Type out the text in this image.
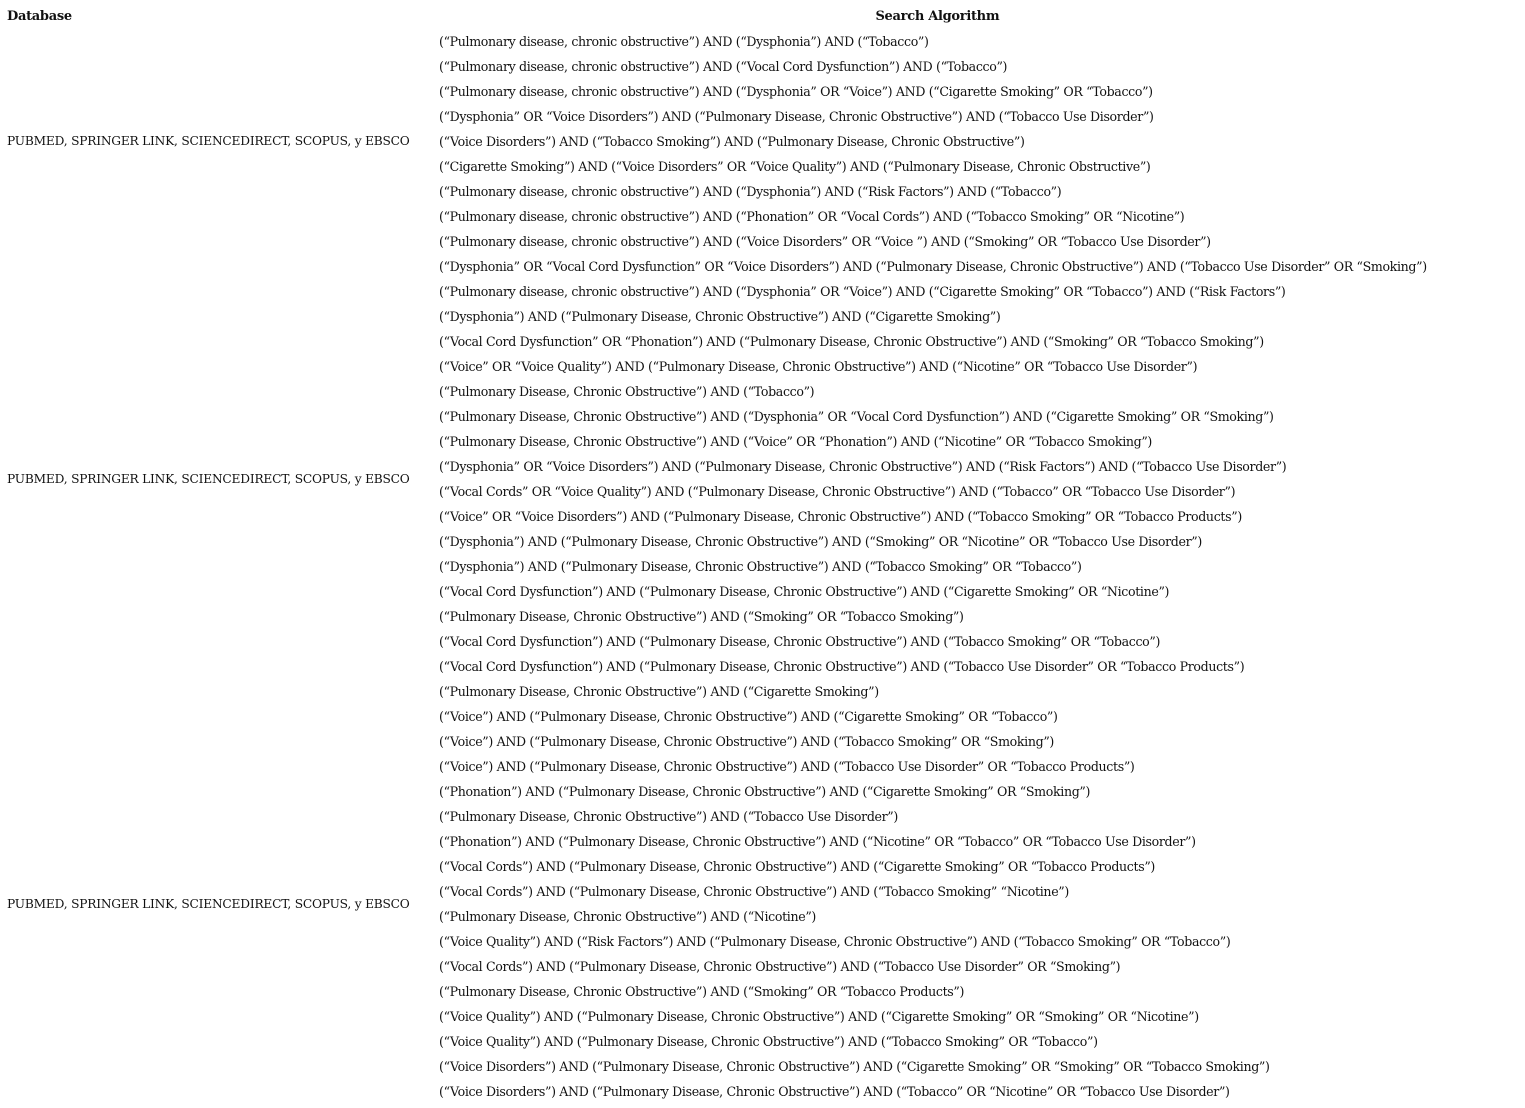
Database	Search Algorithm
PUBMED, SPRINGER LINK, SCIENCEDIRECT, SCOPUS, y EBSCO	(“Pulmonary disease, chronic obstructive”) AND (“Dysphonia”) AND (“Tobacco”)
	(“Pulmonary disease, chronic obstructive”) AND (“Vocal Cord Dysfunction”) AND (“Tobacco”)
	(“Pulmonary disease, chronic obstructive”) AND (“Dysphonia” OR “Voice”) AND (“Cigarette Smoking” OR “Tobacco”)
	(“Dysphonia” OR “Voice Disorders”) AND (“Pulmonary Disease, Chronic Obstructive”) AND (“Tobacco Use Disorder”)
	(“Voice Disorders”) AND (“Tobacco Smoking”) AND (“Pulmonary Disease, Chronic Obstructive”)
	(“Cigarette Smoking”) AND (“Voice Disorders” OR “Voice Quality”) AND (“Pulmonary Disease, Chronic Obstructive”)
	(“Pulmonary disease, chronic obstructive”) AND (“Dysphonia”) AND (“Risk Factors”) AND (“Tobacco”)
	(“Pulmonary disease, chronic obstructive”) AND (“Phonation” OR “Vocal Cords”) AND (“Tobacco Smoking” OR “Nicotine”)
	(“Pulmonary disease, chronic obstructive”) AND (“Voice Disorders” OR “Voice ”) AND (“Smoking” OR “Tobacco Use Disorder”)
PUBMED, SPRINGER LINK, SCIENCEDIRECT, SCOPUS, y EBSCO	(“Dysphonia” OR “Vocal Cord Dysfunction” OR “Voice Disorders”) AND (“Pulmonary Disease, Chronic Obstructive”) AND (“Tobacco Use Disorder” OR “Smoking”)
	(“Pulmonary disease, chronic obstructive”) AND (“Dysphonia” OR “Voice”) AND (“Cigarette Smoking” OR “Tobacco”) AND (“Risk Factors”)
	(“Dysphonia”) AND (“Pulmonary Disease, Chronic Obstructive”) AND (“Cigarette Smoking”)
	(“Vocal Cord Dysfunction” OR “Phonation”) AND (“Pulmonary Disease, Chronic Obstructive”) AND (“Smoking” OR “Tobacco Smoking”)
	(“Voice” OR “Voice Quality”) AND (“Pulmonary Disease, Chronic Obstructive”) AND (“Nicotine” OR “Tobacco Use Disorder”)
	(“Pulmonary Disease, Chronic Obstructive”) AND (“Tobacco”)
	(“Pulmonary Disease, Chronic Obstructive”) AND (“Dysphonia” OR “Vocal Cord Dysfunction”) AND (“Cigarette Smoking” OR “Smoking”)
	(“Pulmonary Disease, Chronic Obstructive”) AND (“Voice” OR “Phonation”) AND (“Nicotine” OR “Tobacco Smoking”)
	(“Dysphonia” OR “Voice Disorders”) AND (“Pulmonary Disease, Chronic Obstructive”) AND (“Risk Factors”) AND (“Tobacco Use Disorder”)
	(“Vocal Cords” OR “Voice Quality”) AND (“Pulmonary Disease, Chronic Obstructive”) AND (“Tobacco” OR “Tobacco Use Disorder”)
	(“Voice” OR “Voice Disorders”) AND (“Pulmonary Disease, Chronic Obstructive”) AND (“Tobacco Smoking” OR “Tobacco Products”)
	(“Dysphonia”) AND (“Pulmonary Disease, Chronic Obstructive”) AND (“Smoking” OR “Nicotine” OR “Tobacco Use Disorder”)
	(“Dysphonia”) AND (“Pulmonary Disease, Chronic Obstructive”) AND (“Tobacco Smoking” OR “Tobacco”)
	(“Vocal Cord Dysfunction”) AND (“Pulmonary Disease, Chronic Obstructive”) AND (“Cigarette Smoking” OR “Nicotine”)
	(“Pulmonary Disease, Chronic Obstructive”) AND (“Smoking” OR “Tobacco Smoking”)
	(“Vocal Cord Dysfunction”) AND (“Pulmonary Disease, Chronic Obstructive”) AND (“Tobacco Smoking” OR “Tobacco”)
	(“Vocal Cord Dysfunction”) AND (“Pulmonary Disease, Chronic Obstructive”) AND (“Tobacco Use Disorder” OR “Tobacco Products”)
	(“Pulmonary Disease, Chronic Obstructive”) AND (“Cigarette Smoking”)
PUBMED, SPRINGER LINK, SCIENCEDIRECT, SCOPUS, y EBSCO	(“Voice”) AND (“Pulmonary Disease, Chronic Obstructive”) AND (“Cigarette Smoking” OR “Tobacco”)
	(“Voice”) AND (“Pulmonary Disease, Chronic Obstructive”) AND (“Tobacco Smoking” OR “Smoking”)
	(“Voice”) AND (“Pulmonary Disease, Chronic Obstructive”) AND (“Tobacco Use Disorder” OR “Tobacco Products”)
	(“Phonation”) AND (“Pulmonary Disease, Chronic Obstructive”) AND (“Cigarette Smoking” OR “Smoking”)
	(“Pulmonary Disease, Chronic Obstructive”) AND (“Tobacco Use Disorder”)
	(“Phonation”) AND (“Pulmonary Disease, Chronic Obstructive”) AND (“Nicotine” OR “Tobacco” OR “Tobacco Use Disorder”)
	(“Vocal Cords”) AND (“Pulmonary Disease, Chronic Obstructive”) AND (“Cigarette Smoking” OR “Tobacco Products”)
	(“Vocal Cords”) AND (“Pulmonary Disease, Chronic Obstructive”) AND (“Tobacco Smoking” “Nicotine”)
	(“Pulmonary Disease, Chronic Obstructive”) AND (“Nicotine”)
	(“Voice Quality”) AND (“Risk Factors”) AND (“Pulmonary Disease, Chronic Obstructive”) AND (“Tobacco Smoking” OR “Tobacco”)
	(“Vocal Cords”) AND (“Pulmonary Disease, Chronic Obstructive”) AND (“Tobacco Use Disorder” OR “Smoking”)
	(“Pulmonary Disease, Chronic Obstructive”) AND (“Smoking” OR “Tobacco Products”)
	(“Voice Quality”) AND (“Pulmonary Disease, Chronic Obstructive”) AND (“Cigarette Smoking” OR “Smoking” OR “Nicotine”)
	(“Voice Quality”) AND (“Pulmonary Disease, Chronic Obstructive”) AND (“Tobacco Smoking” OR “Tobacco”)
	(“Voice Disorders”) AND (“Pulmonary Disease, Chronic Obstructive”) AND (“Cigarette Smoking” OR “Smoking” OR “Tobacco Smoking”)
	(“Voice Disorders”) AND (“Pulmonary Disease, Chronic Obstructive”) AND (“Tobacco” OR “Nicotine” OR “Tobacco Use Disorder”)
